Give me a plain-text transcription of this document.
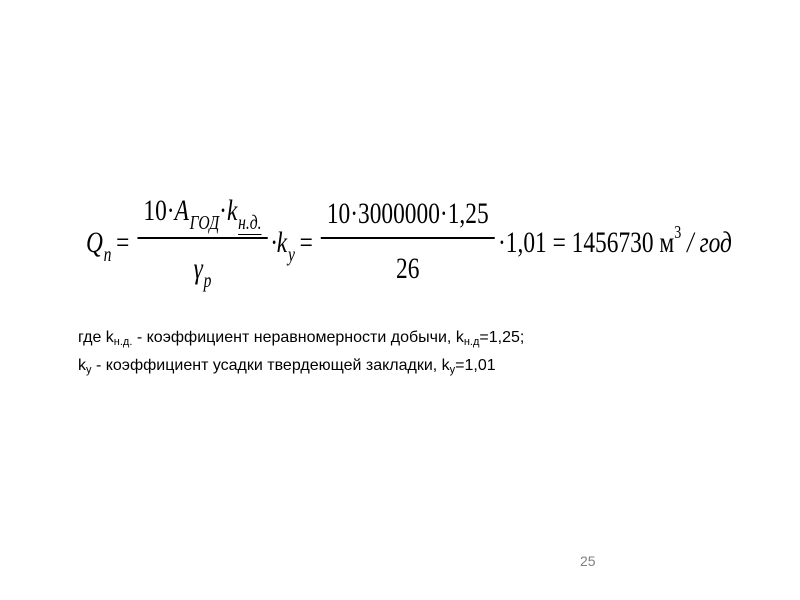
$Q_п = \frac{10\cdot A_{ГОД}\cdot k_{н.д.}}{\gamma_р} \cdot k_у = \frac{10\cdot 3000000\cdot 1,25}{26} \cdot 1,01 = 1456730$ $м^3$ / год
где $k_{н.д.}$ - коэффициент неравномерности добычи, $k_{н.д}=1,25$;
$k_у$ - коэффициент усадки твердеющей закладки, $k_у=1,01$
25
